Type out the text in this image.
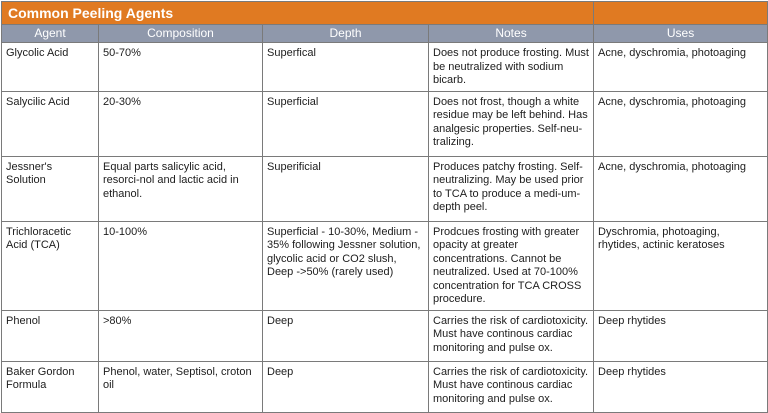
Common Peeling Agents				
Agent	Composition	Depth	Notes	Uses
Glycolic Acid	50-70%	Superfical	Does not produce frosting. Must be neutralized with sodium bicarb.	Acne, dyschromia, photoaging
Salycilic Acid	20-30%	Superficial	Does not frost, though a white residue may be left behind. Has analgesic properties. Self-neu-tralizing.	Acne, dyschromia, photoaging
Jessner's Solution	Equal parts salicylic acid, resorci-nol and lactic acid in ethanol.	Superificial	Produces patchy frosting. Self-neutralizing. May be used prior to TCA to produce a medi-um-depth peel.	Acne, dyschromia, photoaging
Trichloracetic Acid (TCA)	10-100%	Superficial - 10-30%, Medium - 35% following Jessner solution, glycolic acid or CO2 slush, Deep ->50% (rarely used)	Prodcues frosting with greater opacity at greater concentrations. Cannot be neutralized. Used at 70-100% concentration for TCA CROSS procedure.	Dyschromia, photoaging, rhytides, actinic keratoses
Phenol	>80%	Deep	Carries the risk of cardiotoxicity. Must have continous cardiac monitoring and pulse ox.	Deep rhytides
Baker Gordon Formula	Phenol, water, Septisol, croton oil	Deep	Carries the risk of cardiotoxicity. Must have continous cardiac monitoring and pulse ox.	Deep rhytides
